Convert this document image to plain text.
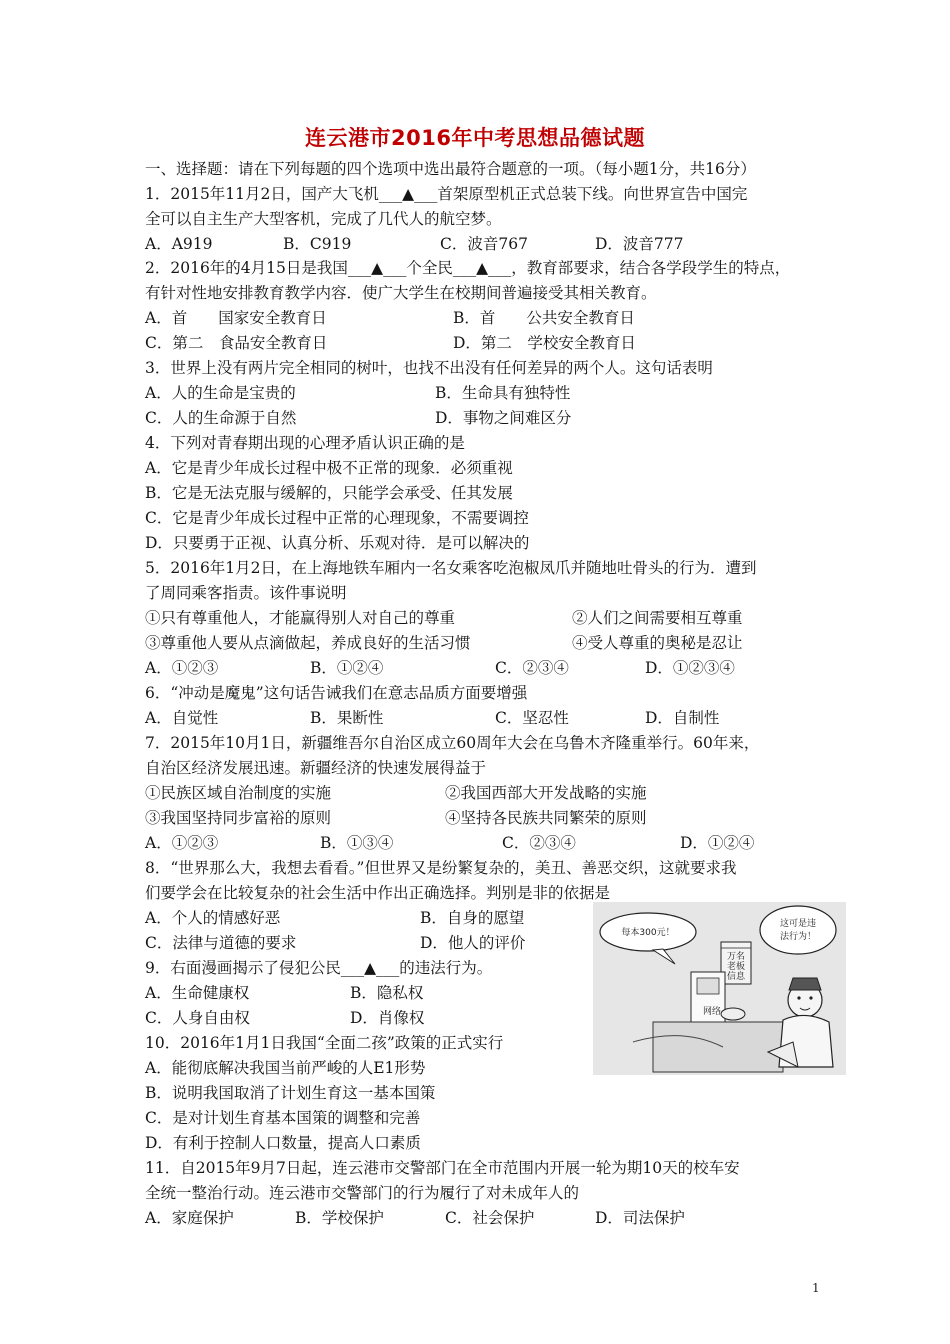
连云港市2016年中考思想品德试题
一、选择题：请在下列每题的四个选项中选出最符合题意的一项。（每小题1分，共16分）
1．2015年11月2日，国产大飞机___▲___首架原型机正式总装下线。向世界宣告中国完
全可以自主生产大型客机，完成了几代人的航空梦。
A．A919	B．C919	C．波音767	D．波音777
2．2016年的4月15日是我国___▲___个全民___▲___，教育部要求，结合各学段学生的特点，
有针对性地安排教育教学内容．使广大学生在校期间普遍接受其相关教育。
A．首　　国家安全教育日	B．首　　公共安全教育日
C．第二　食品安全教育日	D．第二　学校安全教育日
3．世界上没有两片完全相同的树叶，也找不出没有任何差异的两个人。这句话表明
A．人的生命是宝贵的	B．生命具有独特性
C．人的生命源于自然	D．事物之间难区分
4．下列对青春期出现的心理矛盾认识正确的是
A．它是青少年成长过程中极不正常的现象．必须重视
B．它是无法克服与缓解的，只能学会承受、任其发展
C．它是青少年成长过程中正常的心理现象，不需要调控
D．只要勇于正视、认真分析、乐观对待．是可以解决的
5．2016年1月2日，在上海地铁车厢内一名女乘客吃泡椒凤爪并随地吐骨头的行为．遭到
了周同乘客指责。该件事说明
①只有尊重他人，才能赢得别人对自己的尊重	②人们之间需要相互尊重
③尊重他人要从点滴做起，养成良好的生活习惯	④受人尊重的奥秘是忍让
A．①②③	B．①②④	C．②③④	D．①②③④
6．“冲动是魔鬼”这句话告诫我们在意志品质方面要增强
A．自觉性	B．果断性	C．坚忍性	D．自制性
7．2015年10月1日，新疆维吾尔自治区成立60周年大会在乌鲁木齐隆重举行。60年来，
自治区经济发展迅速。新疆经济的快速发展得益于
①民族区域自治制度的实施	②我国西部大开发战略的实施
③我国坚持同步富裕的原则	④坚持各民族共同繁荣的原则
A．①②③	B．①③④	C．②③④	D．①②④
8．“世界那么大，我想去看看。”但世界又是纷繁复杂的，美丑、善恶交织，这就要求我
们要学会在比较复杂的社会生活中作出正确选择。判别是非的依据是
A．个人的情感好恶	B．自身的愿望
C．法律与道德的要求	D．他人的评价
9．右面漫画揭示了侵犯公民___▲___的违法行为。
A．生命健康权	B．隐私权
C．人身自由权	D．肖像权
10．2016年1月1日我国“全面二孩”政策的正式实行
A．能彻底解决我国当前严峻的人E1形势
B．说明我国取消了计划生育这一基本国策
C．是对计划生育基本国策的调整和完善
D．有利于控制人口数量，提高人口素质
11．自2015年9月7日起，连云港市交警部门在全市范围内开展一轮为期10天的校车安
全统一整治行动。连云港市交警部门的行为履行了对未成年人的
A．家庭保护	B．学校保护	C．社会保护	D．司法保护
每本300元！
这可是违
法行为！
万名
老板
信息
网络
1
